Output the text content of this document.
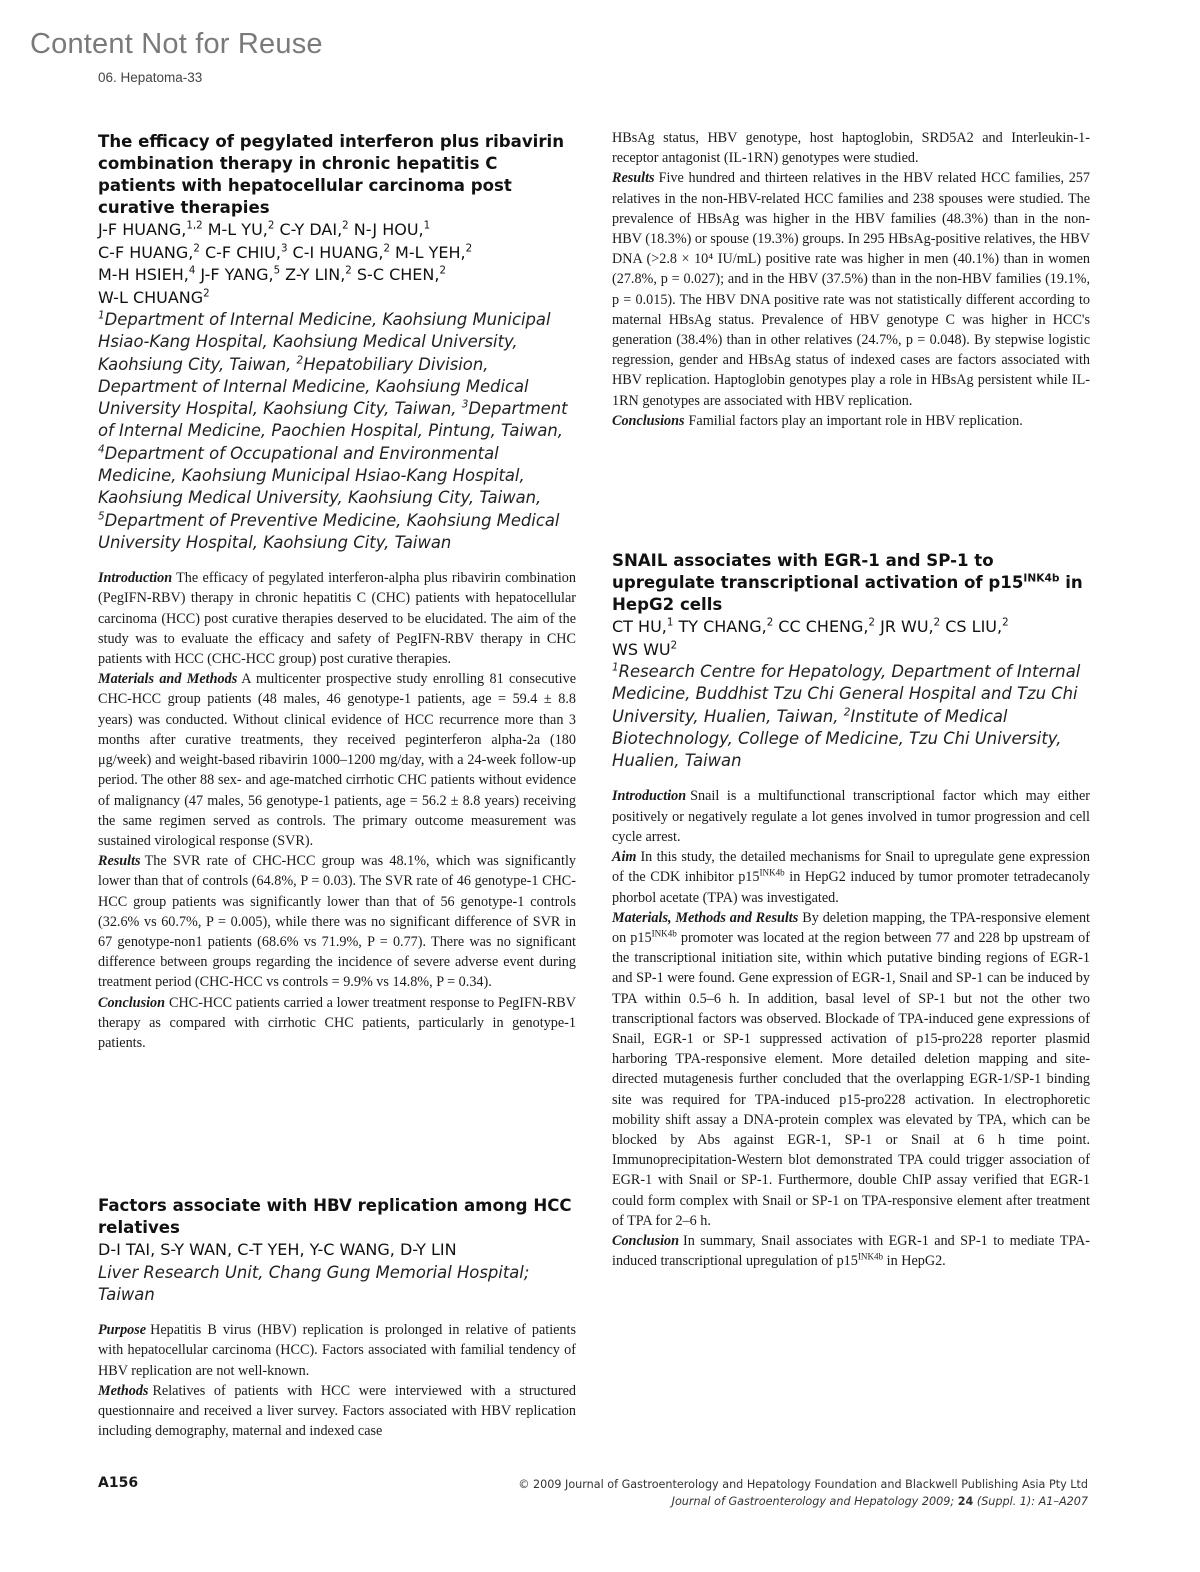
Content Not for Reuse
06. Hepatoma-33
The efficacy of pegylated interferon plus ribavirin combination therapy in chronic hepatitis C patients with hepatocellular carcinoma post curative therapies
J-F HUANG,$^{1,2}$ M-L YU,$^2$ C-Y DAI,$^2$ N-J HOU,$^1$
C-F HUANG,$^2$ C-F CHIU,$^3$ C-I HUANG,$^2$ M-L YEH,$^2$
M-H HSIEH,$^4$ J-F YANG,$^5$ Z-Y LIN,$^2$ S-C CHEN,$^2$
W-L CHUANG$^2$
$^1$Department of Internal Medicine, Kaohsiung Municipal Hsiao-Kang Hospital, Kaohsiung Medical University, Kaohsiung City, Taiwan, $^2$Hepatobiliary Division, Department of Internal Medicine, Kaohsiung Medical University Hospital, Kaohsiung City, Taiwan, $^3$Department of Internal Medicine, Paochien Hospital, Pintung, Taiwan, $^4$Department of Occupational and Environmental Medicine, Kaohsiung Municipal Hsiao-Kang Hospital, Kaohsiung Medical University, Kaohsiung City, Taiwan, $^5$Department of Preventive Medicine, Kaohsiung Medical University Hospital, Kaohsiung City, Taiwan

Introduction The efficacy of pegylated interferon-alpha plus ribavirin combination (PegIFN-RBV) therapy in chronic hepatitis C (CHC) patients with hepatocellular carcinoma (HCC) post curative therapies deserved to be elucidated. The aim of the study was to evaluate the efficacy and safety of PegIFN-RBV therapy in CHC patients with HCC (CHC-HCC group) post curative therapies.

Materials and Methods A multicenter prospective study enrolling 81 consecutive CHC-HCC group patients (48 males, 46 genotype-1 patients, age = 59.4 ± 8.8 years) was conducted. Without clinical evidence of HCC recurrence more than 3 months after curative treatments, they received peginterferon alpha-2a (180 μg/week) and weight-based ribavirin 1000–1200 mg/day, with a 24-week follow-up period. The other 88 sex- and age-matched cirrhotic CHC patients without evidence of malignancy (47 males, 56 genotype-1 patients, age = 56.2 ± 8.8 years) receiving the same regimen served as controls. The primary outcome measurement was sustained virological response (SVR).

Results The SVR rate of CHC-HCC group was 48.1%, which was significantly lower than that of controls (64.8%, P = 0.03). The SVR rate of 46 genotype-1 CHC-HCC group patients was significantly lower than that of 56 genotype-1 controls (32.6% vs 60.7%, P = 0.005), while there was no significant difference of SVR in 67 genotype-non1 patients (68.6% vs 71.9%, P = 0.77). There was no significant difference between groups regarding the incidence of severe adverse event during treatment period (CHC-HCC vs controls = 9.9% vs 14.8%, P = 0.34).

Conclusion CHC-HCC patients carried a lower treatment response to PegIFN-RBV therapy as compared with cirrhotic CHC patients, particularly in genotype-1 patients.

Factors associate with HBV replication among HCC relatives
D-I TAI, S-Y WAN, C-T YEH, Y-C WANG, D-Y LIN
Liver Research Unit, Chang Gung Memorial Hospital; Taiwan

Purpose Hepatitis B virus (HBV) replication is prolonged in relative of patients with hepatocellular carcinoma (HCC). Factors associated with familial tendency of HBV replication are not well-known.

Methods Relatives of patients with HCC were interviewed with a structured questionnaire and received a liver survey. Factors associated with HBV replication including demography, maternal and indexed case

HBsAg status, HBV genotype, host haptoglobin, SRD5A2 and Interleukin-1-receptor antagonist (IL-1RN) genotypes were studied.

Results Five hundred and thirteen relatives in the HBV related HCC families, 257 relatives in the non-HBV-related HCC families and 238 spouses were studied. The prevalence of HBsAg was higher in the HBV families (48.3%) than in the non-HBV (18.3%) or spouse (19.3%) groups. In 295 HBsAg-positive relatives, the HBV DNA (>2.8 × 10⁴ IU/mL) positive rate was higher in men (40.1%) than in women (27.8%, p = 0.027); and in the HBV (37.5%) than in the non-HBV families (19.1%, p = 0.015). The HBV DNA positive rate was not statistically different according to maternal HBsAg status. Prevalence of HBV genotype C was higher in HCC's generation (38.4%) than in other relatives (24.7%, p = 0.048). By stepwise logistic regression, gender and HBsAg status of indexed cases are factors associated with HBV replication. Haptoglobin genotypes play a role in HBsAg persistent while IL-1RN genotypes are associated with HBV replication.

Conclusions Familial factors play an important role in HBV replication.

SNAIL associates with EGR-1 and SP-1 to upregulate transcriptional activation of $p15^{INK4b}$ in HepG2 cells
CT HU,$^1$ TY CHANG,$^2$ CC CHENG,$^2$ JR WU,$^2$ CS LIU,$^2$
WS $WU^2$
$^1$Research Centre for Hepatology, Department of Internal Medicine, Buddhist Tzu Chi General Hospital and Tzu Chi University, Hualien, Taiwan, $^2$Institute of Medical Biotechnology, College of Medicine, Tzu Chi University, Hualien, Taiwan

Introduction Snail is a multifunctional transcriptional factor which may either positively or negatively regulate a lot genes involved in tumor progression and cell cycle arrest.

Aim In this study, the detailed mechanisms for Snail to upregulate gene expression of the CDK inhibitor $p15^{INK4b}$ in HepG2 induced by tumor promoter tetradecanoly phorbol acetate (TPA) was investigated.

Materials, Methods and Results By deletion mapping, the TPA-responsive element on $p15^{INK4b}$ promoter was located at the region between 77 and 228 bp upstream of the transcriptional initiation site, within which putative binding regions of EGR-1 and SP-1 were found. Gene expression of EGR-1, Snail and SP-1 can be induced by TPA within 0.5–6 h. In addition, basal level of SP-1 but not the other two transcriptional factors was observed. Blockade of TPA-induced gene expressions of Snail, EGR-1 or SP-1 suppressed activation of p15-pro228 reporter plasmid harboring TPA-responsive element. More detailed deletion mapping and site-directed mutagenesis further concluded that the overlapping EGR-1/SP-1 binding site was required for TPA-induced p15-pro228 activation. In electrophoretic mobility shift assay a DNA-protein complex was elevated by TPA, which can be blocked by Abs against EGR-1, SP-1 or Snail at 6 h time point. Immunoprecipitation-Western blot demonstrated TPA could trigger association of EGR-1 with Snail or SP-1. Furthermore, double ChIP assay verified that EGR-1 could form complex with Snail or SP-1 on TPA-responsive element after treatment of TPA for 2–6 h.

Conclusion In summary, Snail associates with EGR-1 and SP-1 to mediate TPA-induced transcriptional upregulation of $p15^{INK4b}$ in HepG2.

A156	© 2009 Journal of Gastroenterology and Hepatology Foundation and Blackwell Publishing Asia Pty Ltd
Journal of Gastroenterology and Hepatology 2009; 24 (Suppl. 1): A1–A207
